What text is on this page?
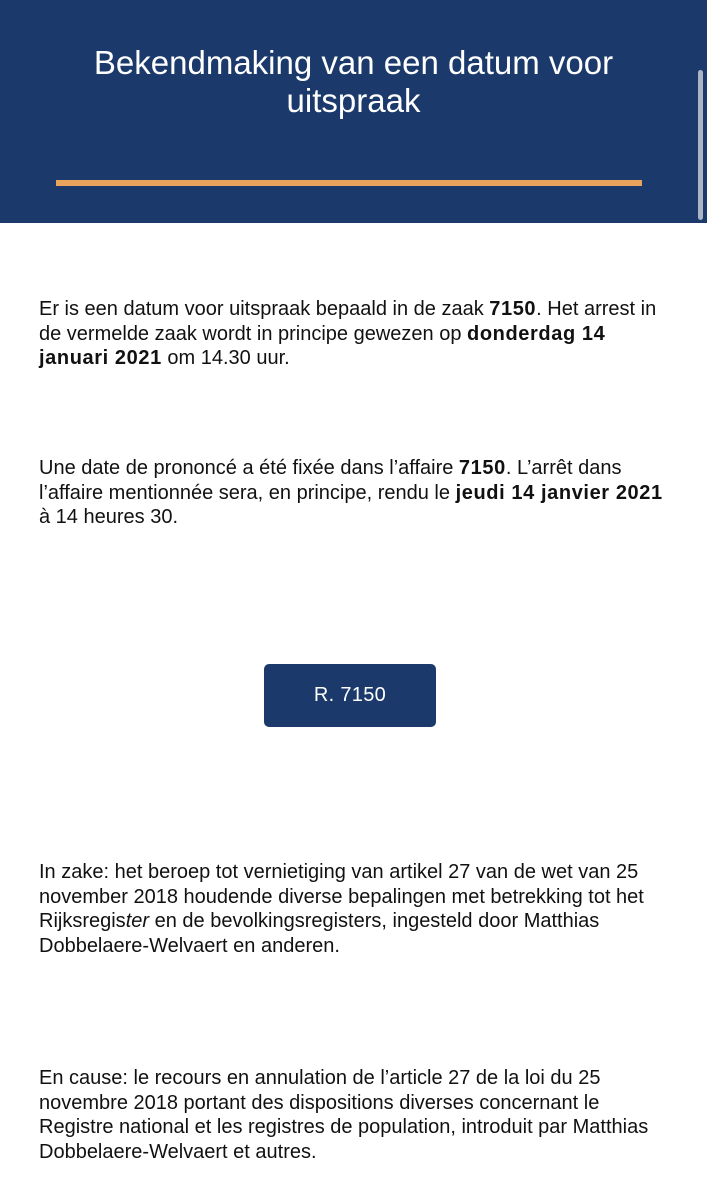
Bekendmaking van een datum voor uitspraak

Er is een datum voor uitspraak bepaald in de zaak 7150. Het arrest in de vermelde zaak wordt in principe gewezen op donderdag 14 januari 2021 om 14.30 uur.

Une date de prononcé a été fixée dans l’affaire 7150. L’arrêt dans l’affaire mentionnée sera, en principe, rendu le jeudi 14 janvier 2021 à 14 heures 30.

R. 7150

In zake: het beroep tot vernietiging van artikel 27 van de wet van 25 november 2018 houdende diverse bepalingen met betrekking tot het Rijksregister en de bevolkingsregisters, ingesteld door Matthias Dobbelaere-Welvaert en anderen.

En cause: le recours en annulation de l’article 27 de la loi du 25 novembre 2018 portant des dispositions diverses concernant le Registre national et les registres de population, introduit par Matthias Dobbelaere-Welvaert et autres.
